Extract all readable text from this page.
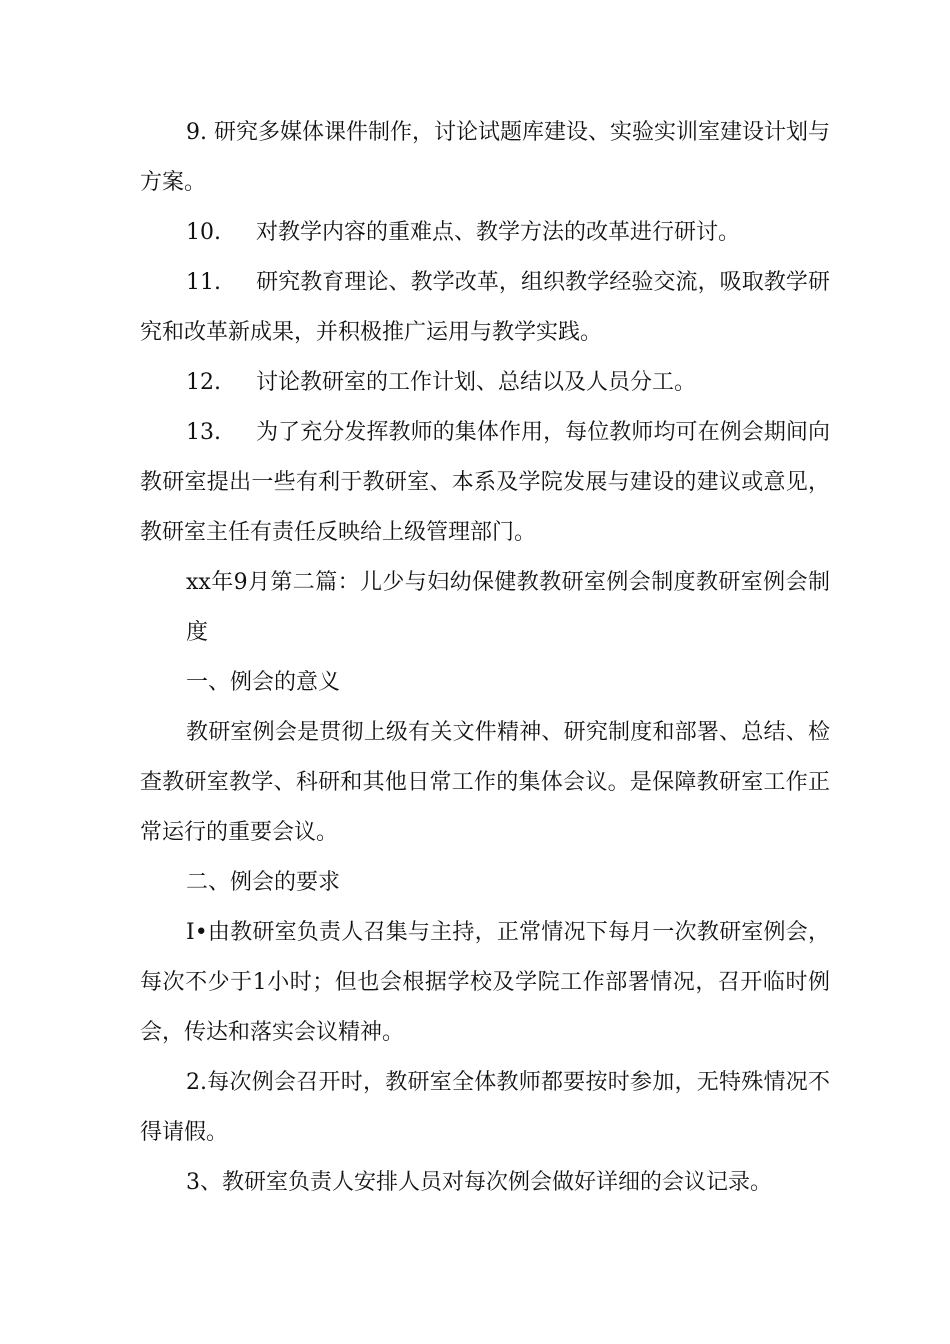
9. 研究多媒体课件制作，讨论试题库建设、实验实训室建设计划与方案。

10. 对教学内容的重难点、教学方法的改革进行研讨。

11. 研究教育理论、教学改革，组织教学经验交流，吸取教学研究和改革新成果，并积极推广运用与教学实践。

12. 讨论教研室的工作计划、总结以及人员分工。

13. 为了充分发挥教师的集体作用，每位教师均可在例会期间向教研室提出一些有利于教研室、本系及学院发展与建设的建议或意见，教研室主任有责任反映给上级管理部门。

xx年9月第二篇：儿少与妇幼保健教教研室例会制度教研室例会制度

一、例会的意义

教研室例会是贯彻上级有关文件精神、研究制度和部署、总结、检查教研室教学、科研和其他日常工作的集体会议。是保障教研室工作正常运行的重要会议。

二、例会的要求

I•由教研室负责人召集与主持，正常情况下每月一次教研室例会，每次不少于1小时；但也会根据学校及学院工作部署情况，召开临时例会，传达和落实会议精神。

2.每次例会召开时，教研室全体教师都要按时参加，无特殊情况不得请假。

3、教研室负责人安排人员对每次例会做好详细的会议记录。
